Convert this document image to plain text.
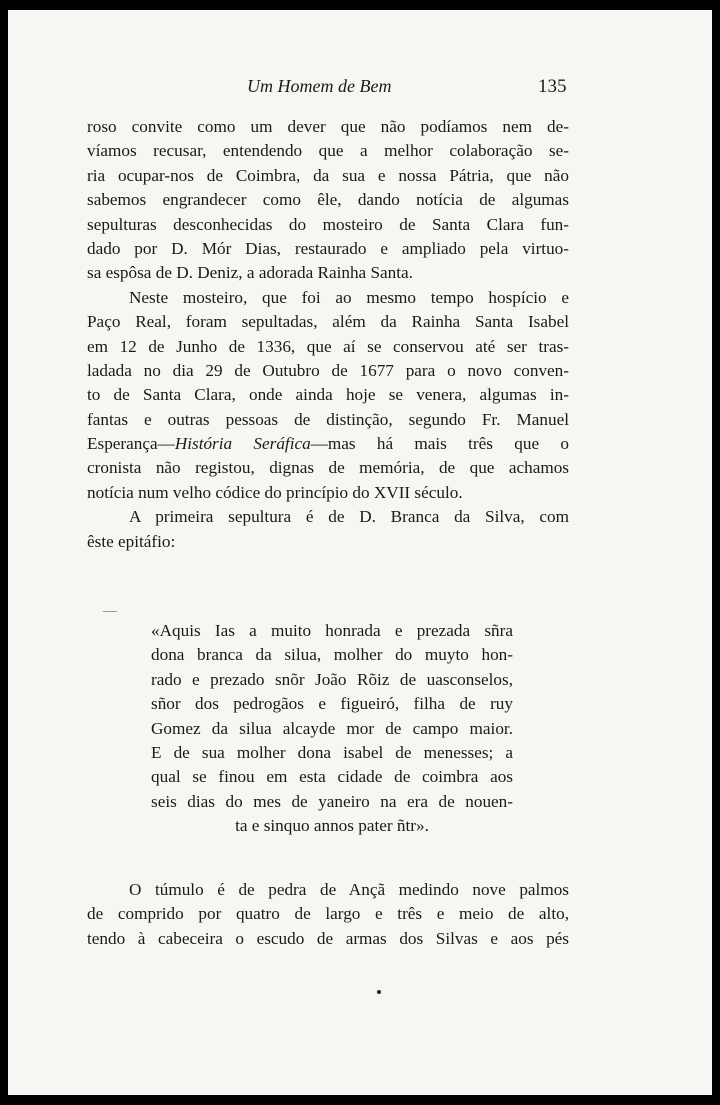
Um Homem de Bem	135
roso convite como um dever que não podíamos nem de-
víamos recusar, entendendo que a melhor colaboração se-
ria ocupar-nos de Coimbra, da sua e nossa Pátria, que não
sabemos engrandecer como êle, dando notícia de algumas
sepulturas desconhecidas do mosteiro de Santa Clara fun-
dado por D. Mór Dias, restaurado e ampliado pela virtuo-
sa espôsa de D. Deniz, a adorada Rainha Santa.
Neste mosteiro, que foi ao mesmo tempo hospício e
Paço Real, foram sepultadas, além da Rainha Santa Isabel
em 12 de Junho de 1336, que aí se conservou até ser tras-
ladada no dia 29 de Outubro de 1677 para o novo conven-
to de Santa Clara, onde ainda hoje se venera, algumas in-
fantas e outras pessoas de distinção, segundo Fr. Manuel
Esperança—História Seráfica—mas há mais três que o
cronista não registou, dignas de memória, de que achamos
notícia num velho códice do princípio do XVII século.
A primeira sepultura é de D. Branca da Silva, com
êste epitáfio:
«Aquis Ias a muito honrada e prezada sñra
dona branca da silua, molher do muyto hon-
rado e prezado snõr João Rõiz de uasconselos,
sñor dos pedrogãos e figueiró, filha de ruy
Gomez da silua alcayde mor de campo maior.
E de sua molher dona isabel de menesses; a
qual se finou em esta cidade de coimbra aos
seis dias do mes de yaneiro na era de nouen-
ta e sinquo annos pater ñtr».
O túmulo é de pedra de Ançã medindo nove palmos
de comprido por quatro de largo e três e meio de alto,
tendo à cabeceira o escudo de armas dos Silvas e aos pés
